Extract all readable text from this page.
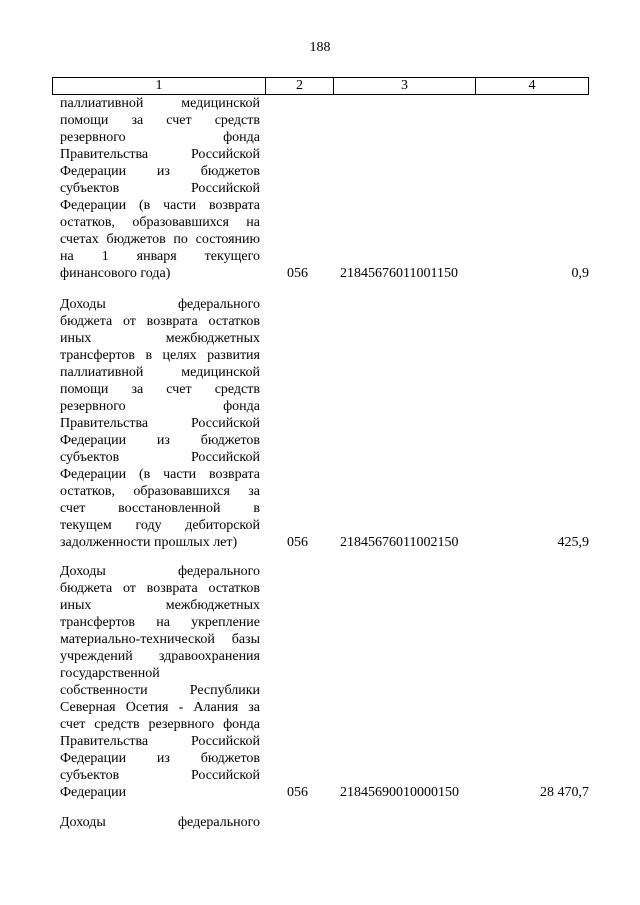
188
1	2	3	4
паллиативной медицинской
помощи за счет средств
резервного фонда
Правительства Российской
Федерации из бюджетов
субъектов Российской
Федерации (в части возврата
остатков, образовавшихся на
счетах бюджетов по состоянию
на 1 января текущего
финансового года)	056 21845676011001150	0,9
Доходы федерального
бюджета от возврата остатков
иных межбюджетных
трансфертов в целях развития
паллиативной медицинской
помощи за счет средств
резервного фонда
Правительства Российской
Федерации из бюджетов
субъектов Российской
Федерации (в части возврата
остатков, образовавшихся за
счет восстановленной в
текущем году дебиторской
задолженности прошлых лет)	056 21845676011002150	425,9
Доходы федерального
бюджета от возврата остатков
иных межбюджетных
трансфертов на укрепление
материально-технической базы
учреждений здравоохранения
государственной
собственности Республики
Северная Осетия - Алания за
счет средств резервного фонда
Правительства Российской
Федерации из бюджетов
субъектов Российской
Федерации	056 21845690010000150	28 470,7
Доходы федерального
